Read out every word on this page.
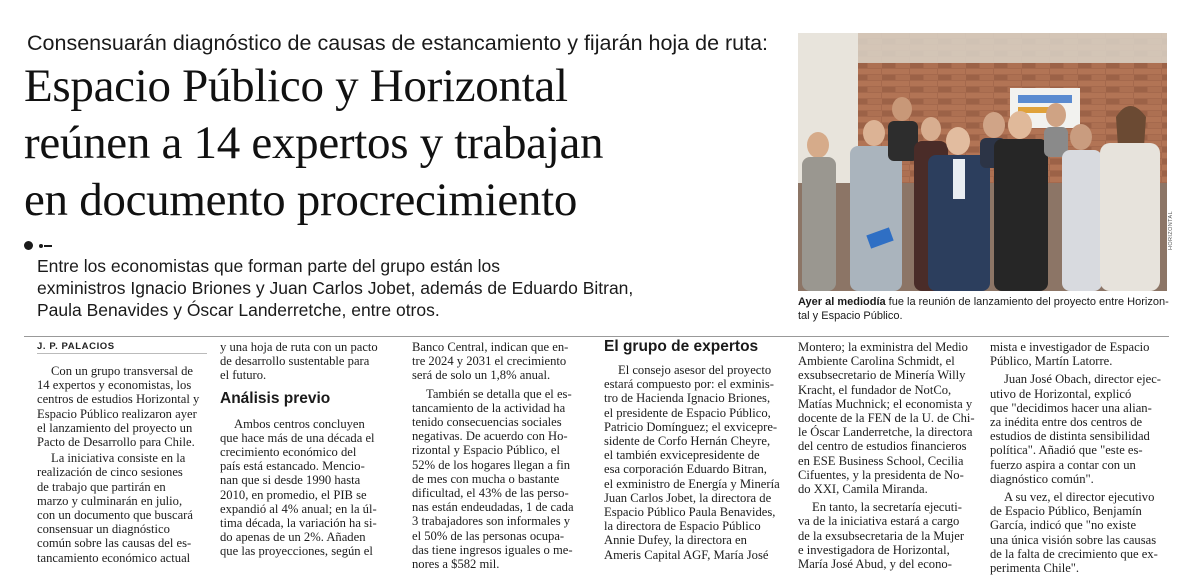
Consensuarán diagnóstico de causas de estancamiento y fijarán hoja de ruta:
Espacio Público y Horizontal
reúnen a 14 expertos y trabajan
en documento procrecimiento
Entre los economistas que forman parte del grupo están los
exministros Ignacio Briones y Juan Carlos Jobet, además de Eduardo Bitran,
Paula Benavides y Óscar Landerretche, entre otros.
HORIZONTAL
Ayer al mediodía fue la reunión de lanzamiento del proyecto entre Horizon-
tal y Espacio Público.
J. P. PALACIOS
Con un grupo transversal de
14 expertos y economistas, los
centros de estudios Horizontal y
Espacio Público realizaron ayer
el lanzamiento del proyecto un
Pacto de Desarrollo para Chile.
La iniciativa consiste en la
realización de cinco sesiones
de trabajo que partirán en
marzo y culminarán en julio,
con un documento que buscará
consensuar un diagnóstico
común sobre las causas del es-
tancamiento económico actual
y una hoja de ruta con un pacto
de desarrollo sustentable para
el futuro.
Análisis previo
Ambos centros concluyen
que hace más de una década el
crecimiento económico del
país está estancado. Mencio-
nan que si desde 1990 hasta
2010, en promedio, el PIB se
expandió al 4% anual; en la úl-
tima década, la variación ha si-
do apenas de un 2%. Añaden
que las proyecciones, según el
Banco Central, indican que en-
tre 2024 y 2031 el crecimiento
será de solo un 1,8% anual.
También se detalla que el es-
tancamiento de la actividad ha
tenido consecuencias sociales
negativas. De acuerdo con Ho-
rizontal y Espacio Público, el
52% de los hogares llegan a fin
de mes con mucha o bastante
dificultad, el 43% de las perso-
nas están endeudadas, 1 de cada
3 trabajadores son informales y
el 50% de las personas ocupa-
das tiene ingresos iguales o me-
nores a $582 mil.
El grupo de expertos
El consejo asesor del proyecto
estará compuesto por: el exminis-
tro de Hacienda Ignacio Briones,
el presidente de Espacio Público,
Patricio Domínguez; el exvicepre-
sidente de Corfo Hernán Cheyre,
el también exvicepresidente de
esa corporación Eduardo Bitran,
el exministro de Energía y Minería
Juan Carlos Jobet, la directora de
Espacio Público Paula Benavides,
la directora de Espacio Público
Annie Dufey, la directora en
Ameris Capital AGF, María José
Montero; la exministra del Medio
Ambiente Carolina Schmidt, el
exsubsecretario de Minería Willy
Kracht, el fundador de NotCo,
Matías Muchnick; el economista y
docente de la FEN de la U. de Chi-
le Óscar Landerretche, la directora
del centro de estudios financieros
en ESE Business School, Cecilia
Cifuentes, y la presidenta de No-
do XXI, Camila Miranda.
En tanto, la secretaría ejecuti-
va de la iniciativa estará a cargo
de la exsubsecretaria de la Mujer
e investigadora de Horizontal,
María José Abud, y del econo-
mista e investigador de Espacio
Público, Martín Latorre.
Juan José Obach, director ejec-
utivo de Horizontal, explicó
que "decidimos hacer una alian-
za inédita entre dos centros de
estudios de distinta sensibilidad
política". Añadió que "este es-
fuerzo aspira a contar con un
diagnóstico común".
A su vez, el director ejecutivo
de Espacio Público, Benjamín
García, indicó que "no existe
una única visión sobre las causas
de la falta de crecimiento que ex-
perimenta Chile".
